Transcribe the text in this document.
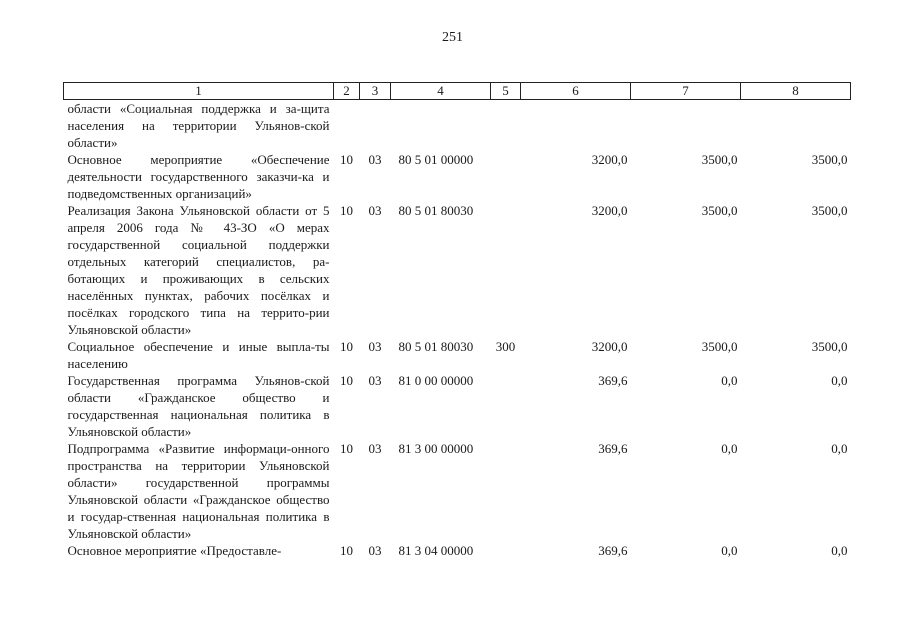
251
1	2	3	4	5	6	7	8
области «Социальная поддержка и за-щита населения на территории Ульянов-ской области»							
Основное мероприятие «Обеспечение деятельности государственного заказчи-ка и подведомственных организаций»	10	03	80 5 01 00000		3200,0	3500,0	3500,0
Реализация Закона Ульяновской области от 5 апреля 2006 года № 43-ЗО «О мерах государственной социальной поддержки отдельных категорий специалистов, ра-ботающих и проживающих в сельских населённых пунктах, рабочих посёлках и посёлках городского типа на террито-рии Ульяновской области»	10	03	80 5 01 80030		3200,0	3500,0	3500,0
Социальное обеспечение и иные выпла-ты населению	10	03	80 5 01 80030	300	3200,0	3500,0	3500,0
Государственная программа Ульянов-ской области «Гражданское общество и государственная национальная политика в Ульяновской области»	10	03	81 0 00 00000		369,6	0,0	0,0
Подпрограмма «Развитие информаци-онного пространства на территории Ульяновской области» государственной программы Ульяновской области «Гражданское общество и государ-ственная национальная политика в Ульяновской области»	10	03	81 3 00 00000		369,6	0,0	0,0
Основное мероприятие «Предоставле-	10	03	81 3 04 00000		369,6	0,0	0,0
